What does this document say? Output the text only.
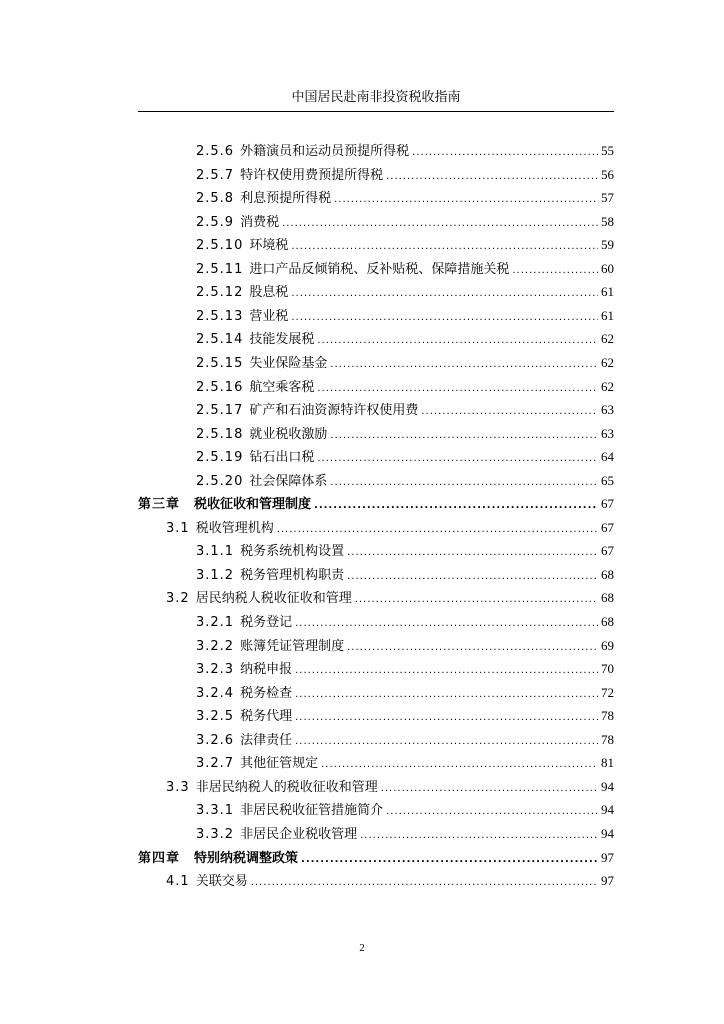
中国居民赴南非投资税收指南
2.5.6 外籍演员和运动员预提所得税 .....	55
2.5.7 特许权使用费预提所得税 .....	56
2.5.8 利息预提所得税 .....	57
2.5.9 消费税 .....	58
2.5.10 环境税 .....	59
2.5.11 进口产品反倾销税、反补贴税、保障措施关税 .....	60
2.5.12 股息税 .....	61
2.5.13 营业税 .....	61
2.5.14 技能发展税 .....	62
2.5.15 失业保险基金 .....	62
2.5.16 航空乘客税 .....	62
2.5.17 矿产和石油资源特许权使用费 .....	63
2.5.18 就业税收激励 .....	63
2.5.19 钻石出口税 .....	64
2.5.20 社会保障体系 .....	65
第三章 税收征收和管理制度 .....	67
3.1 税收管理机构 .....	67
3.1.1 税务系统机构设置 .....	67
3.1.2 税务管理机构职责 .....	68
3.2 居民纳税人税收征收和管理 .....	68
3.2.1 税务登记 .....	68
3.2.2 账簿凭证管理制度 .....	69
3.2.3 纳税申报 .....	70
3.2.4 税务检查 .....	72
3.2.5 税务代理 .....	78
3.2.6 法律责任 .....	78
3.2.7 其他征管规定 .....	81
3.3 非居民纳税人的税收征收和管理 .....	94
3.3.1 非居民税收征管措施简介 .....	94
3.3.2 非居民企业税收管理 .....	94
第四章 特别纳税调整政策 .....	97
4.1 关联交易 .....	97
2
